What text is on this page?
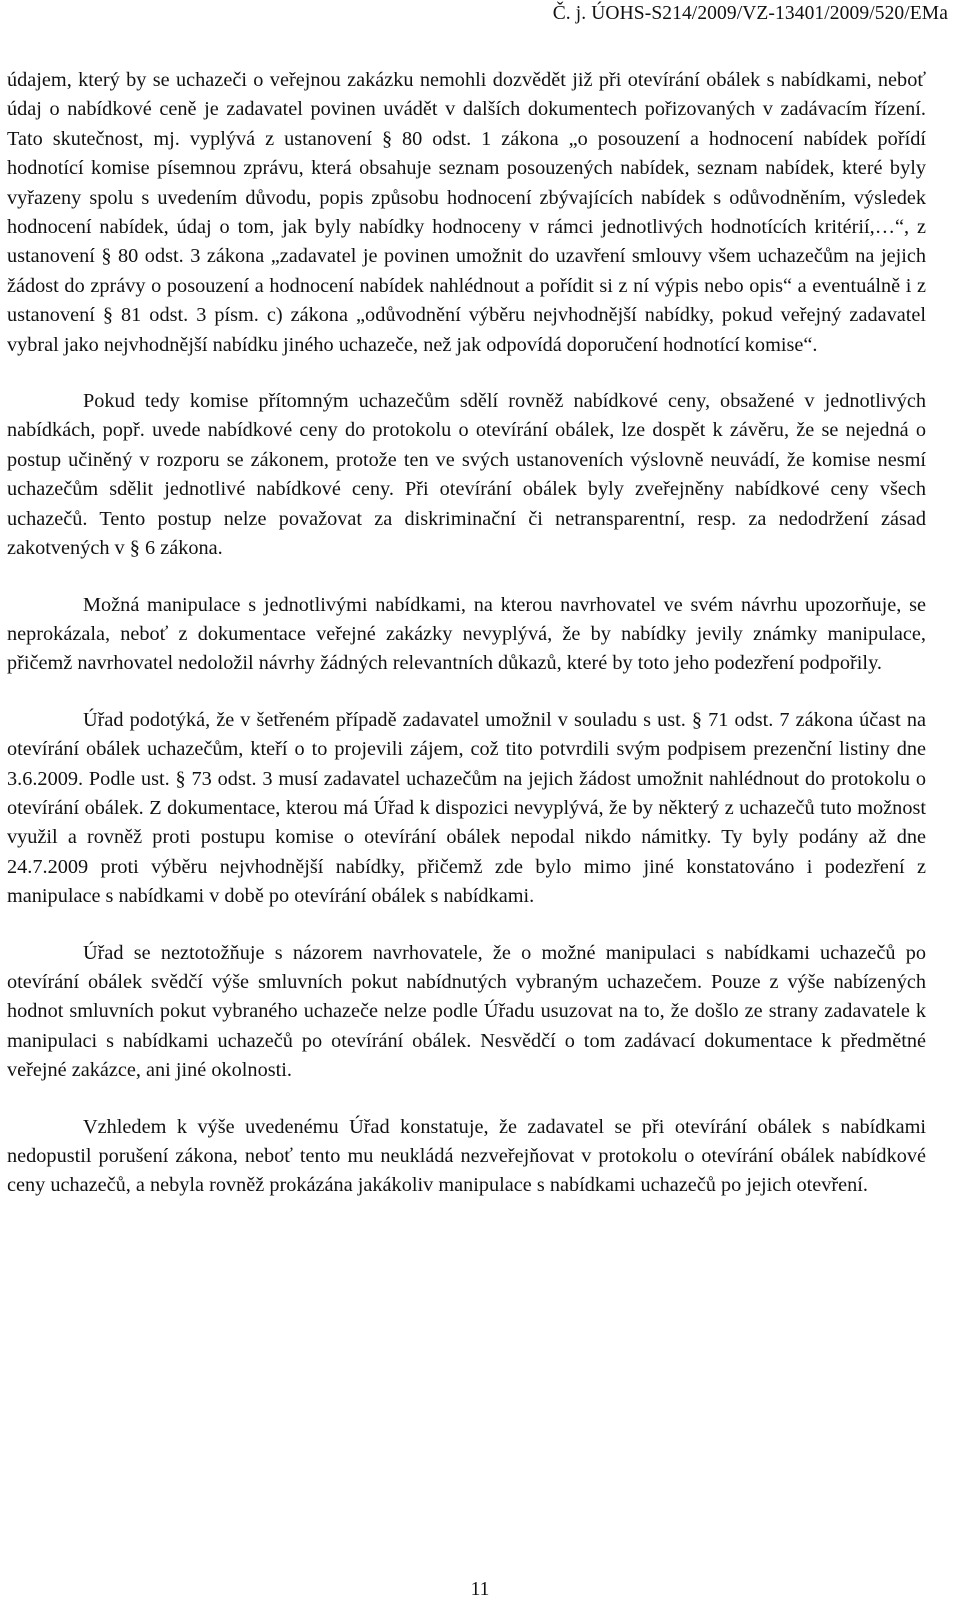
Č. j. ÚOHS-S214/2009/VZ-13401/2009/520/EMa

údajem, který by se uchazeči o veřejnou zakázku nemohli dozvědět již při otevírání obálek s nabídkami, neboť údaj o nabídkové ceně je zadavatel povinen uvádět v dalších dokumentech pořizovaných v zadávacím řízení. Tato skutečnost, mj. vyplývá z ustanovení § 80 odst. 1 zákona „o posouzení a hodnocení nabídek pořídí hodnotící komise písemnou zprávu, která obsahuje seznam posouzených nabídek, seznam nabídek, které byly vyřazeny spolu s uvedením důvodu, popis způsobu hodnocení zbývajících nabídek s odůvodněním, výsledek hodnocení nabídek, údaj o tom, jak byly nabídky hodnoceny v rámci jednotlivých hodnotících kritérií,…“, z ustanovení § 80 odst. 3 zákona „zadavatel je povinen umožnit do uzavření smlouvy všem uchazečům na jejich žádost do zprávy o posouzení a hodnocení nabídek nahlédnout a pořídit si z ní výpis nebo opis“ a eventuálně i z ustanovení § 81 odst. 3 písm. c) zákona „odůvodnění výběru nejvhodnější nabídky, pokud veřejný zadavatel vybral jako nejvhodnější nabídku jiného uchazeče, než jak odpovídá doporučení hodnotící komise“.

Pokud tedy komise přítomným uchazečům sdělí rovněž nabídkové ceny, obsažené v jednotlivých nabídkách, popř. uvede nabídkové ceny do protokolu o otevírání obálek, lze dospět k závěru, že se nejedná o postup učiněný v rozporu se zákonem, protože ten ve svých ustanoveních výslovně neuvádí, že komise nesmí uchazečům sdělit jednotlivé nabídkové ceny. Při otevírání obálek byly zveřejněny nabídkové ceny všech uchazečů. Tento postup nelze považovat za diskriminační či netransparentní, resp. za nedodržení zásad zakotvených v § 6 zákona.

Možná manipulace s jednotlivými nabídkami, na kterou navrhovatel ve svém návrhu upozorňuje, se neprokázala, neboť z dokumentace veřejné zakázky nevyplývá, že by nabídky jevily známky manipulace, přičemž navrhovatel nedoložil návrhy žádných relevantních důkazů, které by toto jeho podezření podpořily.

Úřad podotýká, že v šetřeném případě zadavatel umožnil v souladu s ust. § 71 odst. 7 zákona účast na otevírání obálek uchazečům, kteří o to projevili zájem, což tito potvrdili svým podpisem prezenční listiny dne 3.6.2009. Podle ust. § 73 odst. 3 musí zadavatel uchazečům na jejich žádost umožnit nahlédnout do protokolu o otevírání obálek. Z dokumentace, kterou má Úřad k dispozici nevyplývá, že by některý z uchazečů tuto možnost využil a rovněž proti postupu komise o otevírání obálek nepodal nikdo námitky. Ty byly podány až dne 24.7.2009 proti výběru nejvhodnější nabídky, přičemž zde bylo mimo jiné konstatováno i podezření z manipulace s nabídkami v době po otevírání obálek s nabídkami.

Úřad se neztotožňuje s názorem navrhovatele, že o možné manipulaci s nabídkami uchazečů po otevírání obálek svědčí výše smluvních pokut nabídnutých vybraným uchazečem. Pouze z výše nabízených hodnot smluvních pokut vybraného uchazeče nelze podle Úřadu usuzovat na to, že došlo ze strany zadavatele k manipulaci s nabídkami uchazečů po otevírání obálek. Nesvědčí o tom zadávací dokumentace k předmětné veřejné zakázce, ani jiné okolnosti.

Vzhledem k výše uvedenému Úřad konstatuje, že zadavatel se při otevírání obálek s nabídkami nedopustil porušení zákona, neboť tento mu neukládá nezveřejňovat v protokolu o otevírání obálek nabídkové ceny uchazečů, a nebyla rovněž prokázána jakákoliv manipulace s nabídkami uchazečů po jejich otevření.

11
